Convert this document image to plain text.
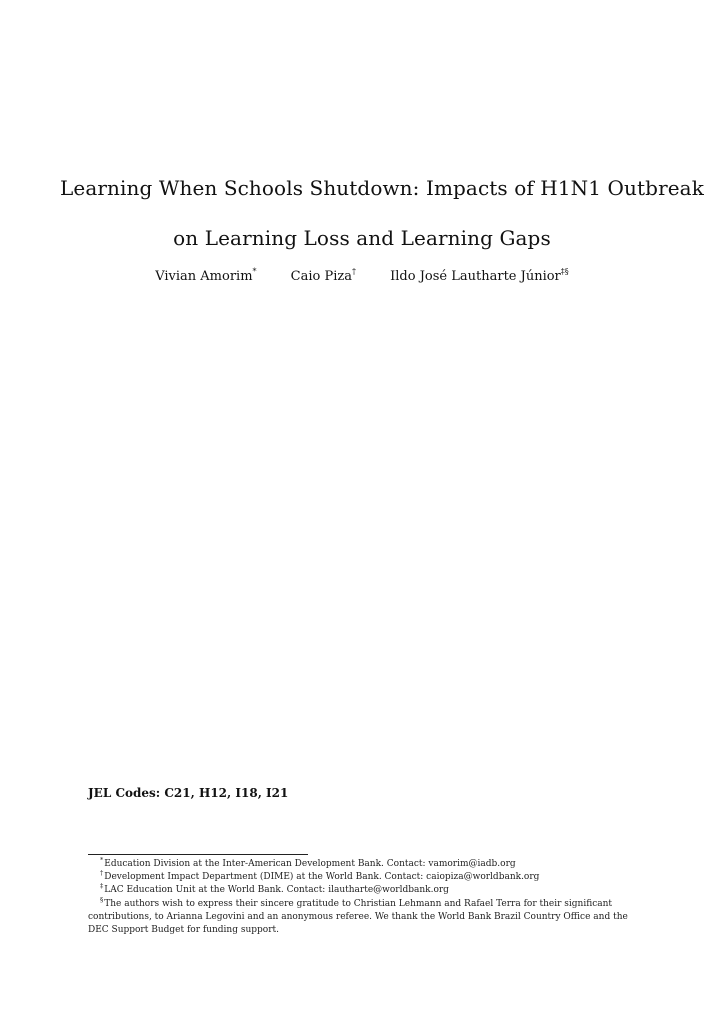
Learning When Schools Shutdown: Impacts of H1N1 Outbreak
on Learning Loss and Learning Gaps
Vivian Amorim*	Caio Piza†	Ildo José Lautharte Júnior‡§
JEL Codes: C21, H12, I18, I21

*Education Division at the Inter-American Development Bank. Contact: vamorim@iadb.org

†Development Impact Department (DIME) at the World Bank. Contact: caiopiza@worldbank.org

‡LAC Education Unit at the World Bank. Contact: ilautharte@worldbank.org

§The authors wish to express their sincere gratitude to Christian Lehmann and Rafael Terra for their significant contributions, to Arianna Legovini and an anonymous referee. We thank the World Bank Brazil Country Office and the DEC Support Budget for funding support.
